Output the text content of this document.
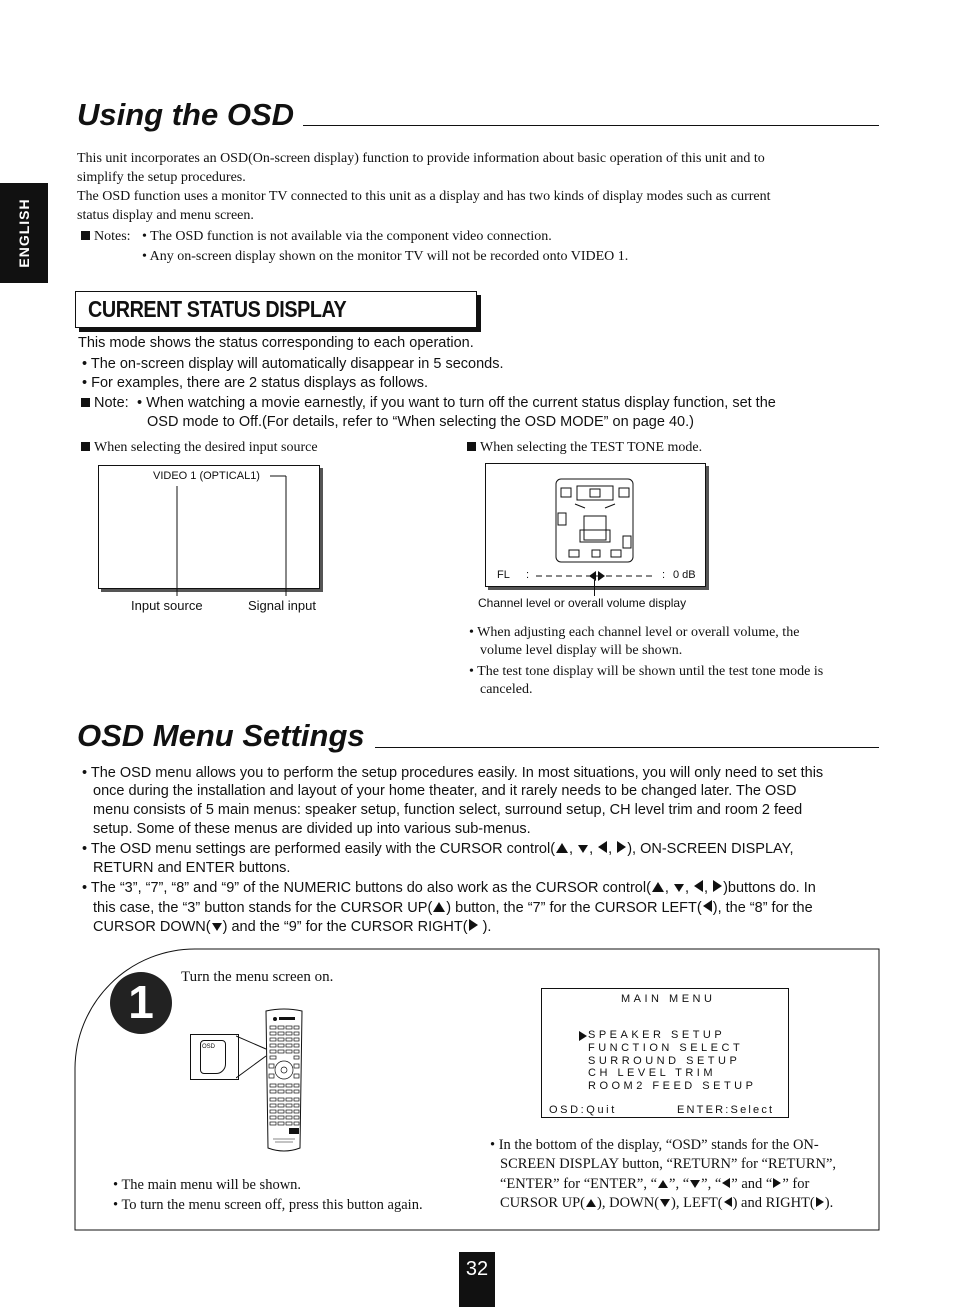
ENGLISH
Using the OSD
This unit incorporates an OSD(On-screen display) function to provide information about basic operation of this unit and to
simplify the setup procedures.
The OSD function uses a monitor TV connected to this unit as a display and has two kinds of display modes such as current
status display and menu screen.
Notes: • The OSD function is not available via the component video connection.
• Any on-screen display shown on the monitor TV will not be recorded onto VIDEO 1.
CURRENT STATUS DISPLAY
This mode shows the status corresponding to each operation.
• The on-screen display will automatically disappear in 5 seconds.
• For examples, there are 2 status displays as follows.
Note: • When watching a movie earnestly, if you want to turn off the current status display function, set the
OSD mode to Off.(For details, refer to “When selecting the OSD MODE” on page 40.)
When selecting the desired input source
VIDEO 1 (OPTICAL1)
Input source	Signal input
When selecting the TEST TONE mode.
FL :	: 0 dB
Channel level or overall volume display
• When adjusting each channel level or overall volume, the
volume level display will be shown.
• The test tone display will be shown until the test tone mode is
canceled.
OSD Menu Settings
• The OSD menu allows you to perform the setup procedures easily. In most situations, you will only need to set this
once during the installation and layout of your home theater, and it rarely needs to be changed later. The OSD
menu consists of 5 main menus: speaker setup, function select, surround setup, CH level trim and room 2 feed
setup. Some of these menus are divided up into various sub-menus.
• The OSD menu settings are performed easily with the CURSOR control( , , , ), ON-SCREEN DISPLAY,
RETURN and ENTER buttons.
• The “3”, “7”, “8” and “9” of the NUMERIC buttons do also work as the CURSOR control( , , , )buttons do. In
this case, the “3” button stands for the CURSOR UP( ) button, the “7” for the CURSOR LEFT( ), the “8” for the
CURSOR DOWN( ) and the “9” for the CURSOR RIGHT( ).
1	Turn the menu screen on.
OSD
• The main menu will be shown.
• To turn the menu screen off, press this button again.
MAIN MENU
SPEAKER SETUP
FUNCTION SELECT
SURROUND SETUP
CH LEVEL TRIM
ROOM2 FEED SETUP
OSD:Quit	ENTER:Select
• In the bottom of the display, “OSD” stands for the ON-
SCREEN DISPLAY button, “RETURN” for “RETURN”,
“ENTER” for “ENTER”, “ ”, “ ”, “ ” and “ ” for
CURSOR UP( ), DOWN( ), LEFT( ) and RIGHT( ).
32
